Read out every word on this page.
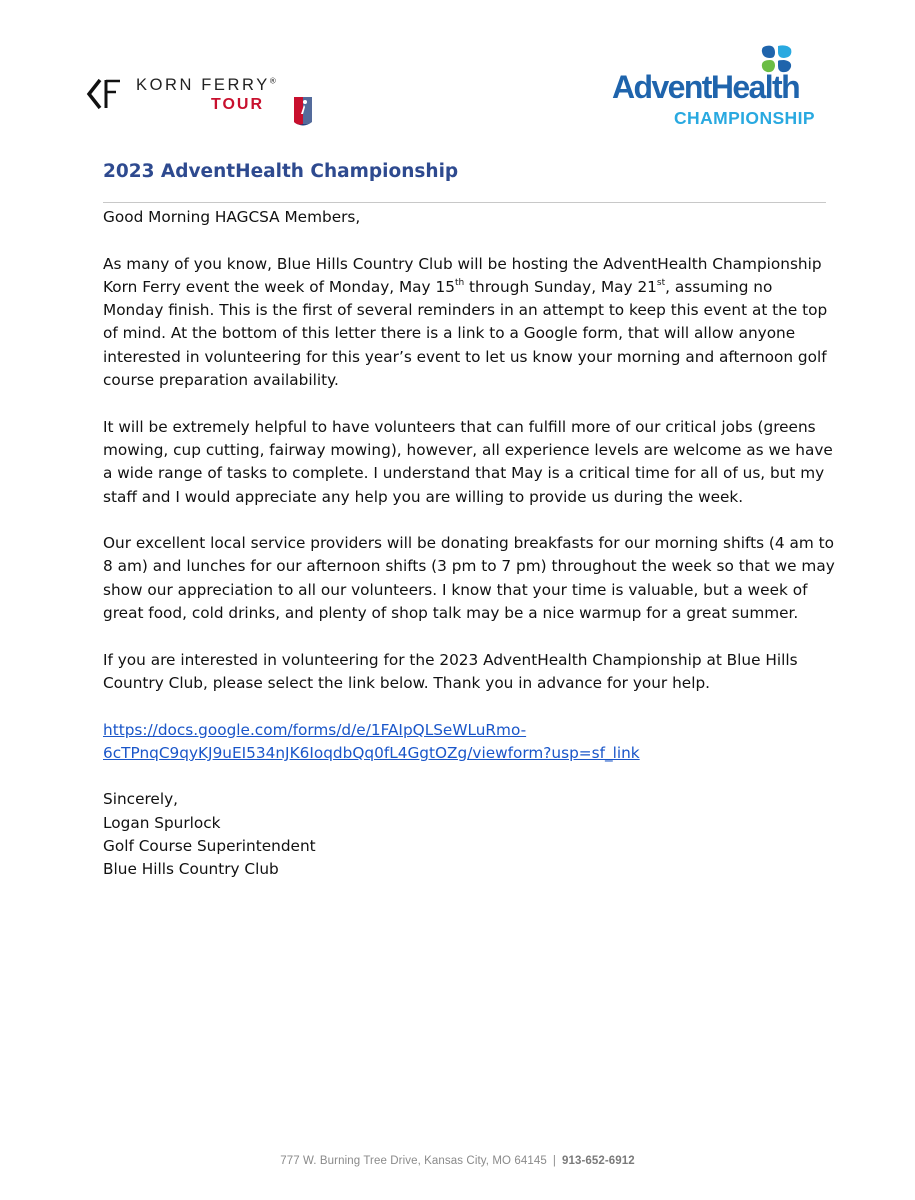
KORN FERRY®
TOUR	AdventHealth
CHAMPIONSHIP
2023 AdventHealth Championship

Good Morning HAGCSA Members,

As many of you know, Blue Hills Country Club will be hosting the AdventHealth Championship
Korn Ferry event the week of Monday, May 15th through Sunday, May 21st, assuming no
Monday finish. This is the first of several reminders in an attempt to keep this event at the top
of mind. At the bottom of this letter there is a link to a Google form, that will allow anyone
interested in volunteering for this year’s event to let us know your morning and afternoon golf
course preparation availability.

It will be extremely helpful to have volunteers that can fulfill more of our critical jobs (greens
mowing, cup cutting, fairway mowing), however, all experience levels are welcome as we have
a wide range of tasks to complete. I understand that May is a critical time for all of us, but my
staff and I would appreciate any help you are willing to provide us during the week.

Our excellent local service providers will be donating breakfasts for our morning shifts (4 am to
8 am) and lunches for our afternoon shifts (3 pm to 7 pm) throughout the week so that we may
show our appreciation to all our volunteers. I know that your time is valuable, but a week of
great food, cold drinks, and plenty of shop talk may be a nice warmup for a great summer.

If you are interested in volunteering for the 2023 AdventHealth Championship at Blue Hills
Country Club, please select the link below. Thank you in advance for your help.

https://docs.google.com/forms/d/e/1FAIpQLSeWLuRmo-
6cTPnqC9qyKJ9uEI534nJK6IoqdbQq0fL4GgtOZg/viewform?usp=sf_link

Sincerely,

Logan Spurlock

Golf Course Superintendent

Blue Hills Country Club

777 W. Burning Tree Drive, Kansas City, MO 64145 | 913-652-6912
